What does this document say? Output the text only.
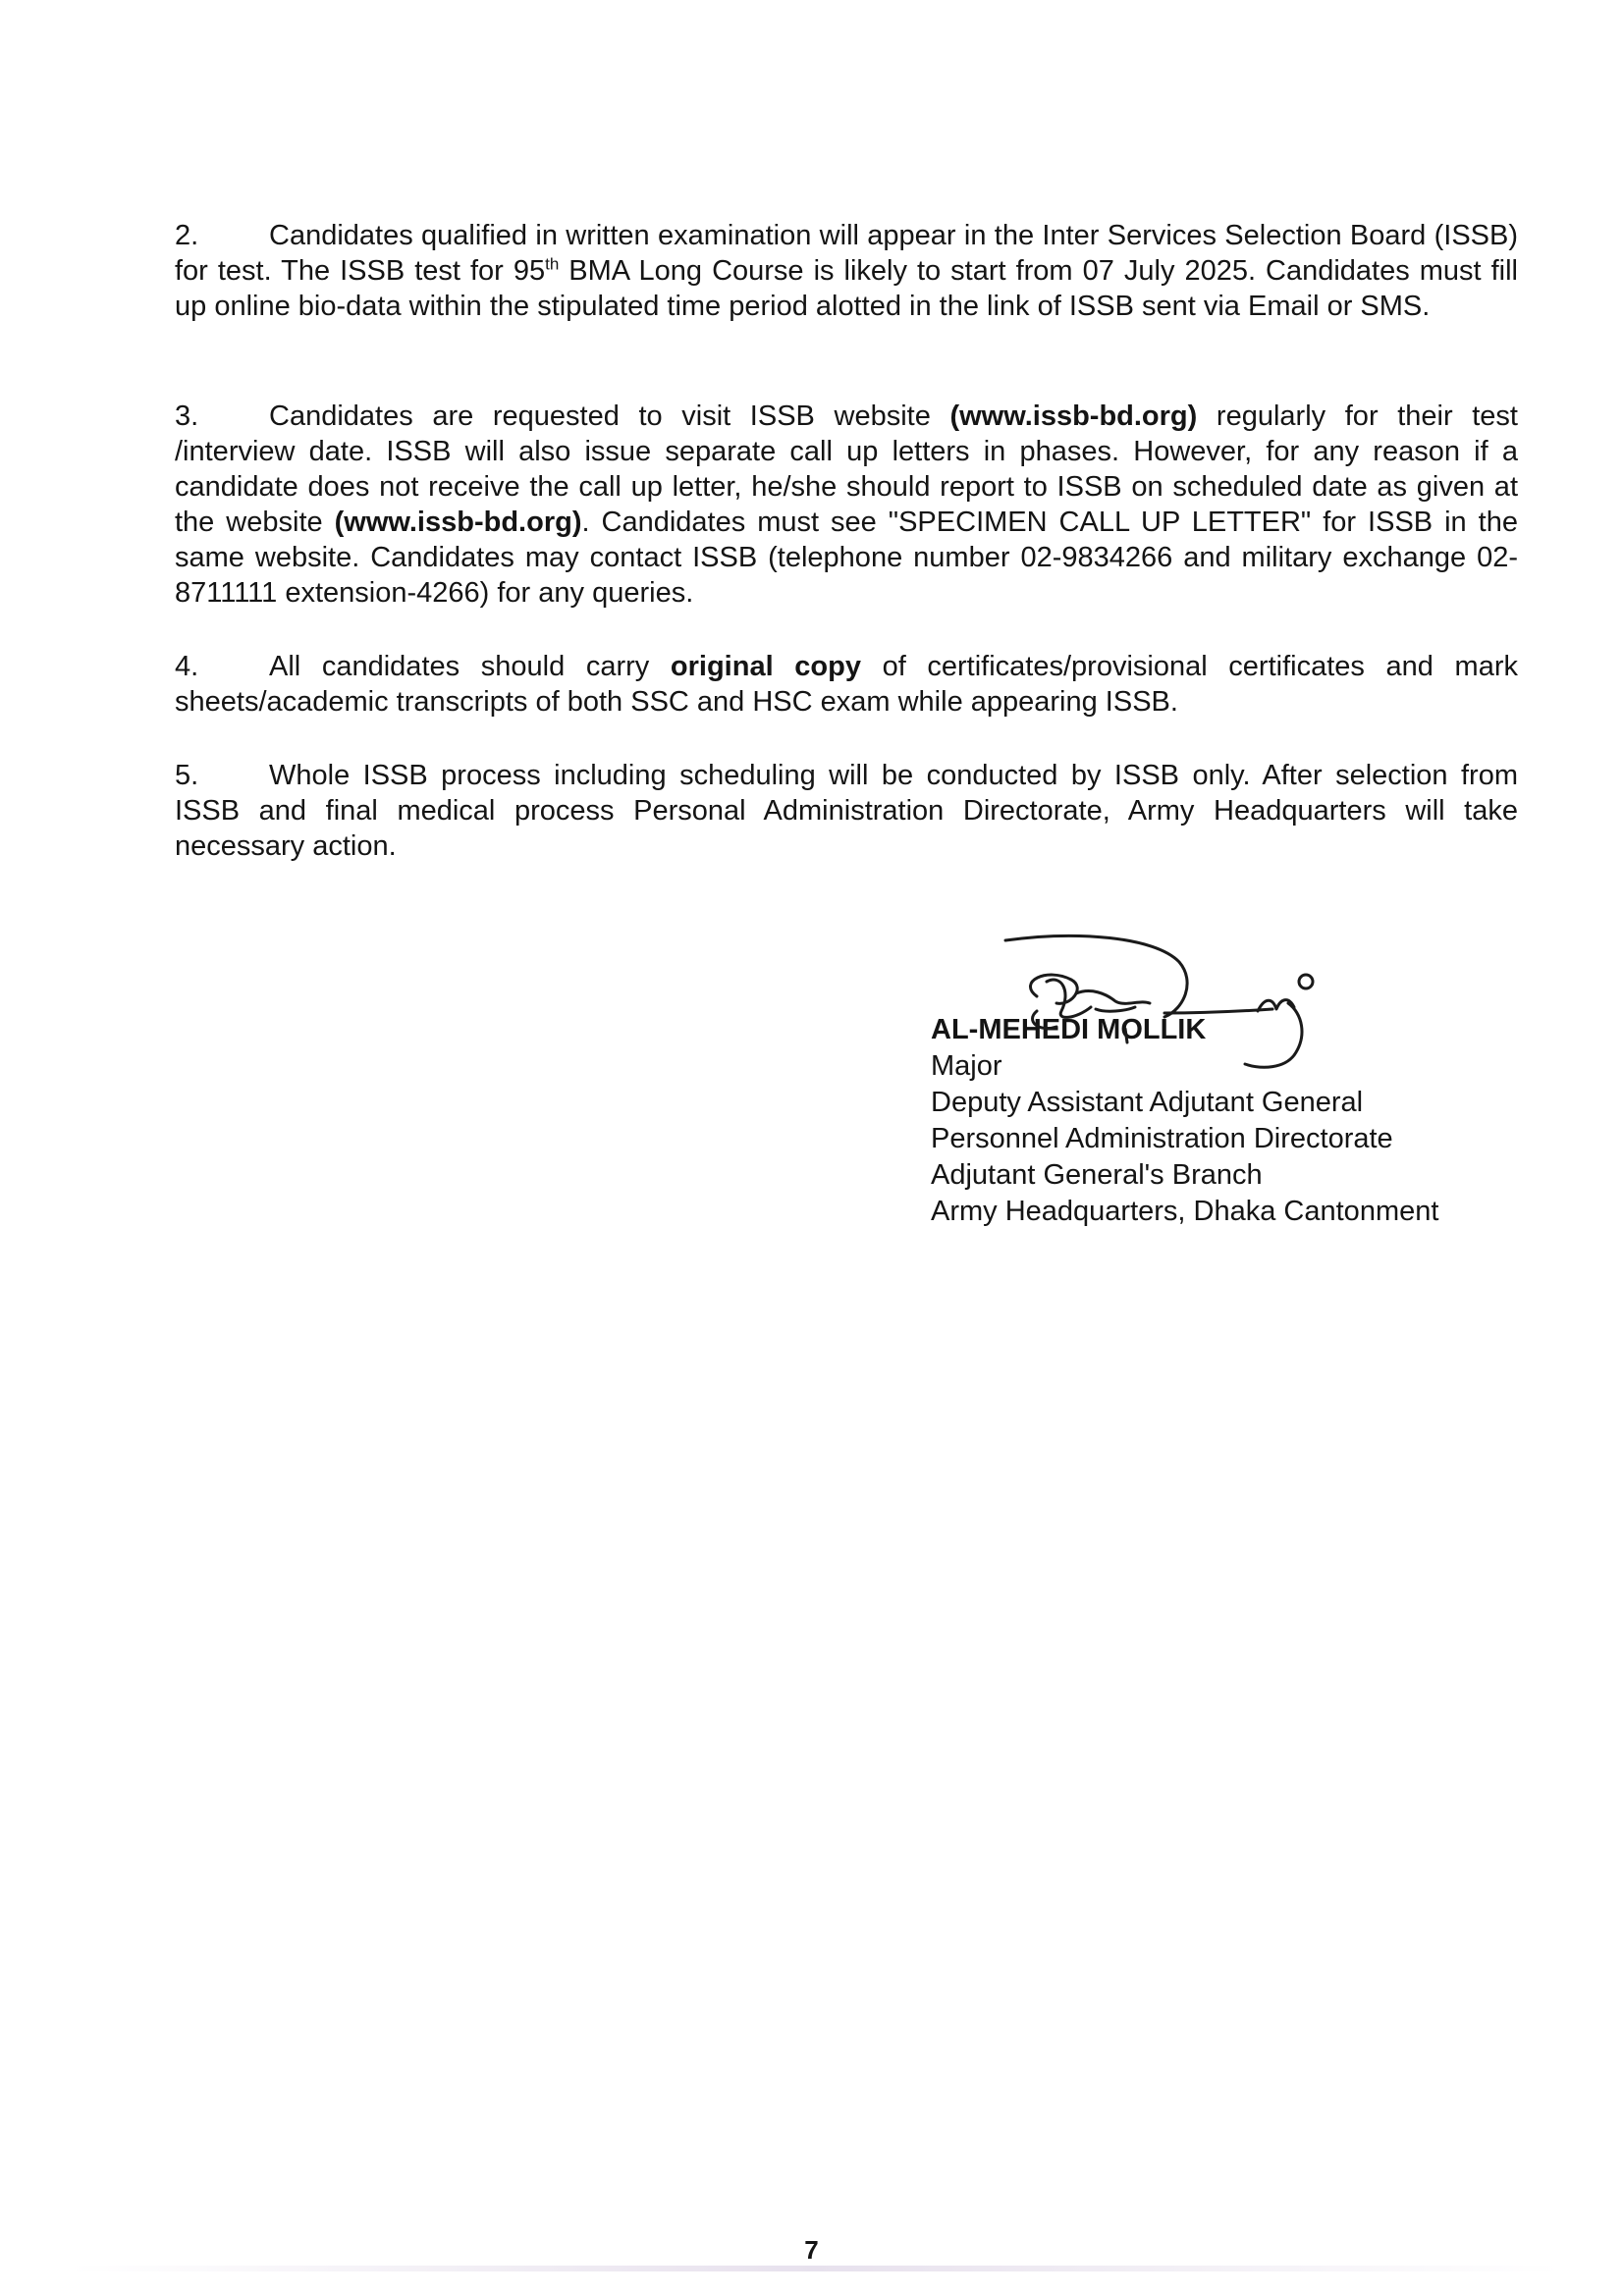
2. Candidates qualified in written examination will appear in the Inter Services Selection Board (ISSB) for test. The ISSB test for 95th BMA Long Course is likely to start from 07 July 2025. Candidates must fill up online bio-data within the stipulated time period alotted in the link of ISSB sent via Email or SMS.

3. Candidates are requested to visit ISSB website (www.issb-bd.org) regularly for their test /interview date. ISSB will also issue separate call up letters in phases. However, for any reason if a candidate does not receive the call up letter, he/she should report to ISSB on scheduled date as given at the website (www.issb-bd.org). Candidates must see "SPECIMEN CALL UP LETTER" for ISSB in the same website. Candidates may contact ISSB (telephone number 02-9834266 and military exchange 02-8711111 extension-4266) for any queries.

4. All candidates should carry original copy of certificates/provisional certificates and mark sheets/academic transcripts of both SSC and HSC exam while appearing ISSB.

5. Whole ISSB process including scheduling will be conducted by ISSB only. After selection from ISSB and final medical process Personal Administration Directorate, Army Headquarters will take necessary action.

AL-MEHEDI MOLLIK
Major
Deputy Assistant Adjutant General
Personnel Administration Directorate
Adjutant General's Branch
Army Headquarters, Dhaka Cantonment
7
